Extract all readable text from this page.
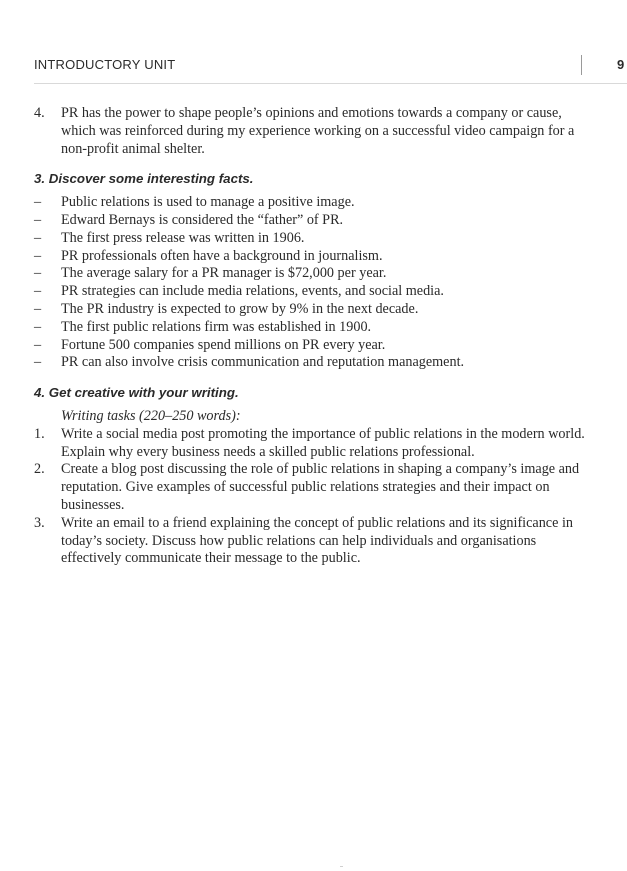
INTRODUCTORY UNIT	9
4.	PR has the power to shape people’s opinions and emotions towards a company or cause, which was reinforced during my experience working on a successful video campaign for a non-profit animal shelter.
3. Discover some interesting facts.
–	Public relations is used to manage a positive image.
–	Edward Bernays is considered the “father” of PR.
–	The first press release was written in 1906.
–	PR professionals often have a background in journalism.
–	The average salary for a PR manager is $72,000 per year.
–	PR strategies can include media relations, events, and social media.
–	The PR industry is expected to grow by 9% in the next decade.
–	The first public relations firm was established in 1900.
–	Fortune 500 companies spend millions on PR every year.
–	PR can also involve crisis communication and reputation management.
4. Get creative with your writing.
Writing tasks (220–250 words):
1.	Write a social media post promoting the importance of public relations in the modern world. Explain why every business needs a skilled public relations professional.
2.	Create a blog post discussing the role of public relations in shaping a company’s image and reputation. Give examples of successful public relations strategies and their impact on businesses.
3.	Write an email to a friend explaining the concept of public relations and its significance in today’s society. Discuss how public relations can help individuals and organisations effectively communicate their message to the public.
